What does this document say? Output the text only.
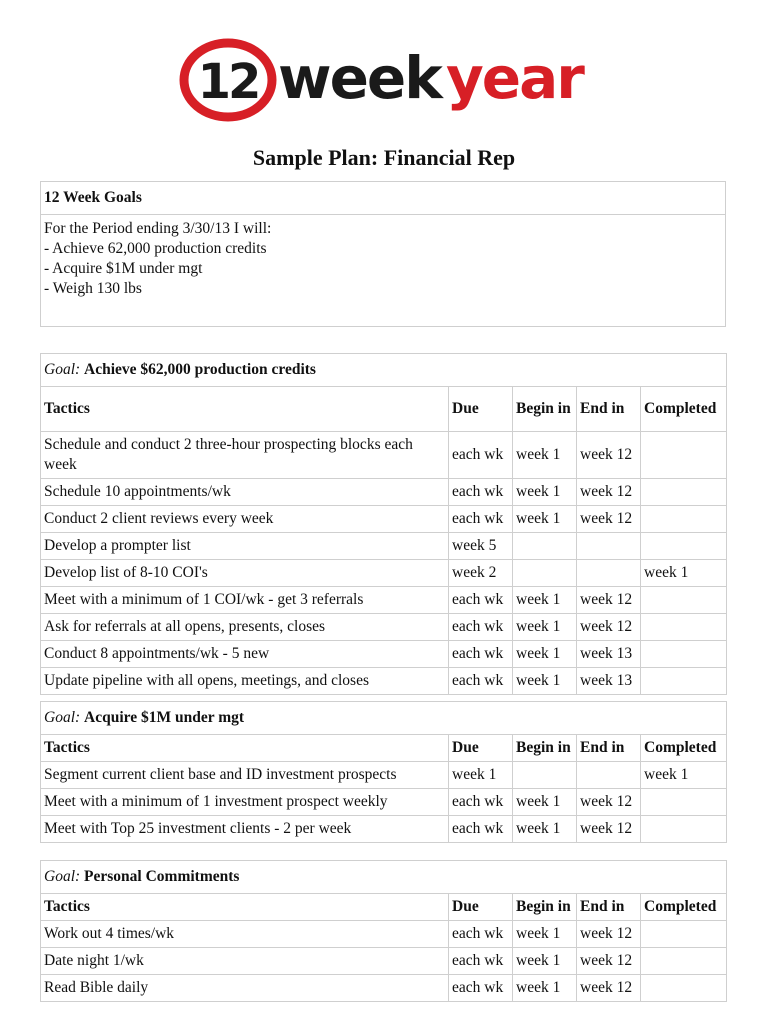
12 week year
Sample Plan: Financial Rep
12 Week Goals

For the Period ending 3/30/13 I will:
- Achieve 62,000 production credits
- Acquire $1M under mgt
- Weigh 130 lbs
Goal: Achieve $62,000 production credits				
Tactics	Due	Begin in	End in	Completed
Schedule and conduct 2 three-hour prospecting blocks each week	each wk	week 1	week 12	
Schedule 10 appointments/wk	each wk	week 1	week 12	
Conduct 2 client reviews every week	each wk	week 1	week 12	
Develop a prompter list	week 5			
Develop list of 8-10 COI's	week 2			week 1
Meet with a minimum of 1 COI/wk - get 3 referrals	each wk	week 1	week 12	
Ask for referrals at all opens, presents, closes	each wk	week 1	week 12	
Conduct 8 appointments/wk - 5 new	each wk	week 1	week 13	
Update pipeline with all opens, meetings, and closes	each wk	week 1	week 13	
Goal: Acquire $1M under mgt				
Tactics	Due	Begin in	End in	Completed
Segment current client base and ID investment prospects	week 1			week 1
Meet with a minimum of 1 investment prospect weekly	each wk	week 1	week 12	
Meet with Top 25 investment clients - 2 per week	each wk	week 1	week 12	
Goal: Personal Commitments				
Tactics	Due	Begin in	End in	Completed
Work out 4 times/wk	each wk	week 1	week 12	
Date night 1/wk	each wk	week 1	week 12	
Read Bible daily	each wk	week 1	week 12	
